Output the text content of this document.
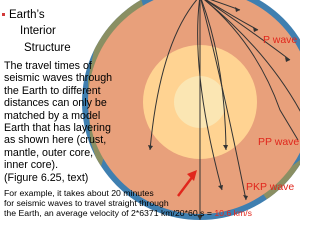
P wave
PP wave
PKP wave
Earth’s
Interior
Structure
The travel times of
seismic waves through
the Earth to different
distances can only be
matched by a model
Earth that has layering
as shown here (crust,
mantle, outer core,
inner core).
(Figure 6.25, text)
For example, it takes about 20 minutes
for seismic waves to travel straight through
the Earth, an average velocity of 2*6371 km/20*60 s = 10.6 km/s
